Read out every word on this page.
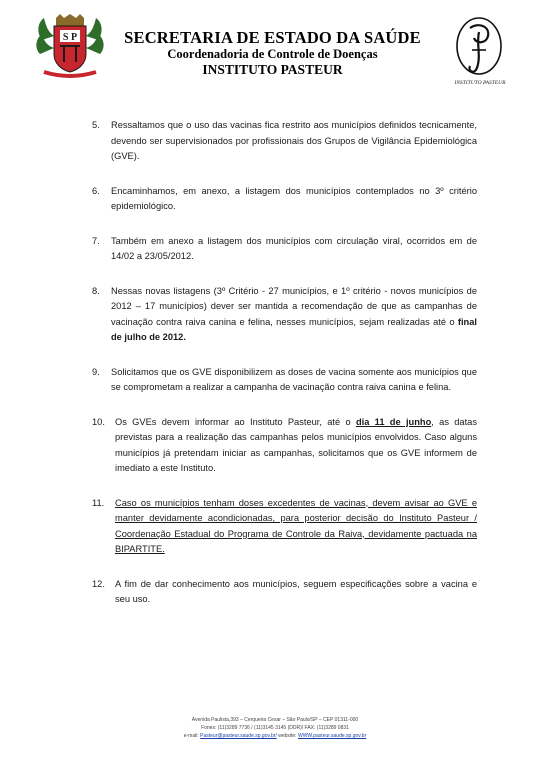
S P	SECRETARIA DE ESTADO DA SAÚDE
Coordenadoria de Controle de Doenças
INSTITUTO PASTEUR
INSTITUTO PASTEUR
5.	Ressaltamos que o uso das vacinas fica restrito aos municípios definidos tecnicamente, devendo ser supervisionados por profissionais dos Grupos de Vigilância Epidemiológica (GVE).
6.	Encaminhamos, em anexo, a listagem dos municípios contemplados no 3º critério epidemiológico.
7.	Também em anexo a listagem dos municípios com circulação viral, ocorridos em de 14/02 a 23/05/2012.
8.	Nessas novas listagens (3º Critério - 27 municípios, e 1º critério - novos municípios de 2012 – 17 municípios) dever ser mantida a recomendação de que as campanhas de vacinação contra raiva canina e felina, nesses municípios, sejam realizadas até o final de julho de 2012.
9.	Solicitamos que os GVE disponibilizem as doses de vacina somente aos municípios que se comprometam a realizar a campanha de vacinação contra raiva canina e felina.
10.	Os GVEs devem informar ao Instituto Pasteur, até o dia 11 de junho, as datas previstas para a realização das campanhas pelos municípios envolvidos. Caso alguns municípios já pretendam iniciar as campanhas, solicitamos que os GVE informem de imediato a este Instituto.
11.	Caso os municípios tenham doses excedentes de vacinas, devem avisar ao GVE e manter devidamente acondicionadas, para posterior decisão do Instituto Pasteur / Coordenação Estadual do Programa de Controle da Raiva, devidamente pactuada na BIPARTITE.
12.	A fim de dar conhecimento aos municípios, seguem especificações sobre a vacina e seu uso.
Avenida Paulista,393 – Cerqueira Cesar – São Paulo/SP – CEP 01311-000
Fones: (11)3289 7736 / (11)3145 3145 (DDR)/ FAX: (11)3289 0831
e-mail: Pasteur@pasteur.saude.sp.gov.br/ website: WWW.pasteur.saude.sp.gov.br
